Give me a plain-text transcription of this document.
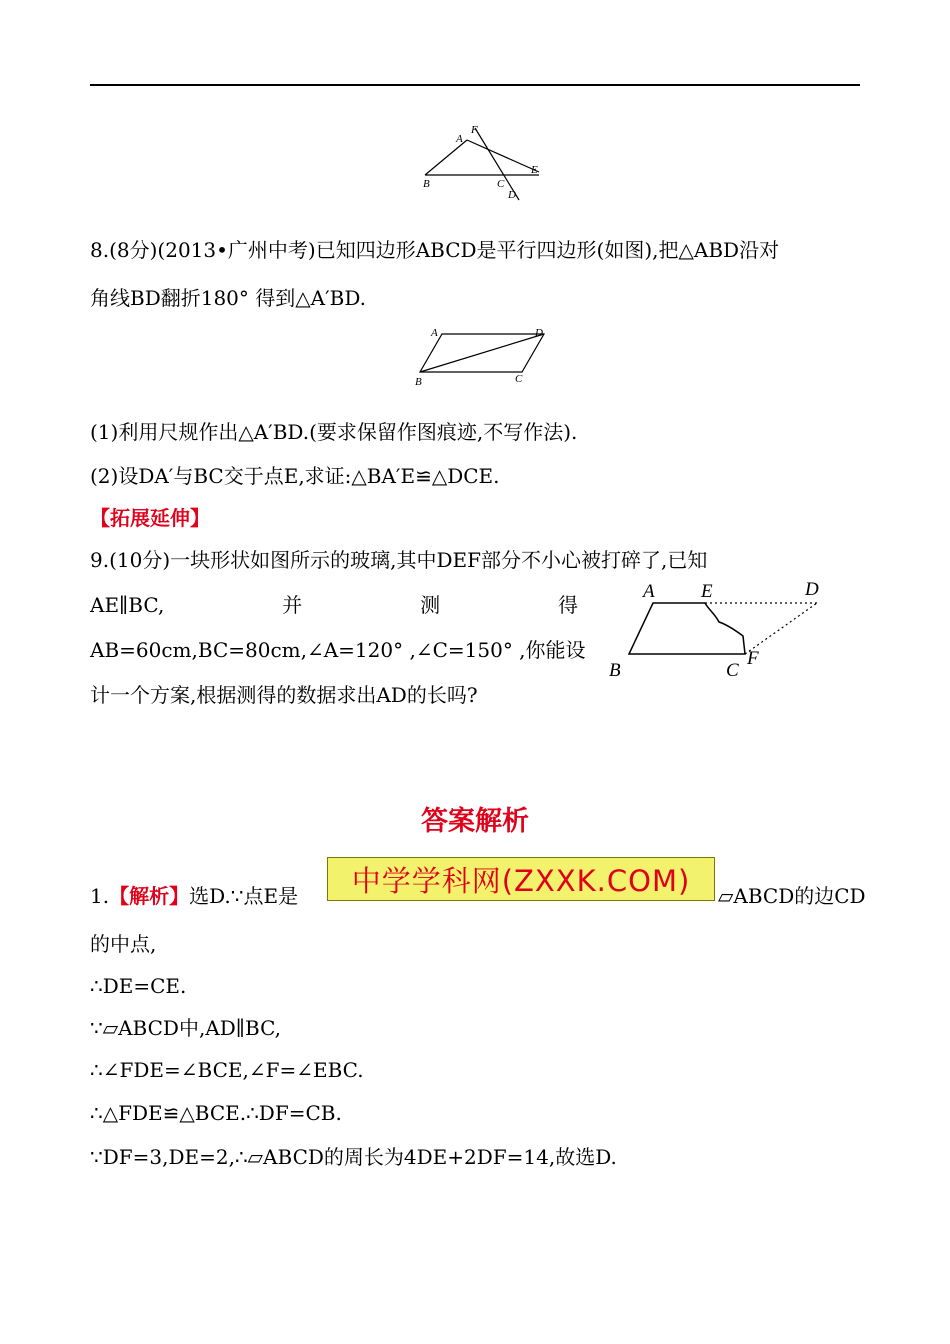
A
F
E
B	C
D
8.(8分)(2013•广州中考)已知四边形ABCD是平行四边形(如图),把△ABD沿对
角线BD翻折180° 得到△A′BD.
A	D
B	C
(1)利用尺规作出△A′BD.(要求保留作图痕迹,不写作法).
(2)设DA′与BC交于点E,求证:△BA′E≌△DCE.
【拓展延伸】
9.(10分)一块形状如图所示的玻璃,其中DEF部分不小心被打碎了,已知
AE∥BC,	并	测	得
AB=60cm,BC=80cm,∠A=120° ,∠C=150° , 你 能 设
计一个方案,根据测得的数据求出AD的长吗?
A E	D
B	C
F
答案解析
1.【解析】选D.∵点E是	▱ABCD的边CD
中学学科网(ZXXK.COM)
的中点,
∴DE=CE.
∵▱ABCD中,AD∥BC,
∴∠FDE=∠BCE,∠F=∠EBC.
∴△FDE≌△BCE.∴DF=CB.
∵DF=3,DE=2,∴▱ABCD的周长为4DE+2DF=14,故选D.
